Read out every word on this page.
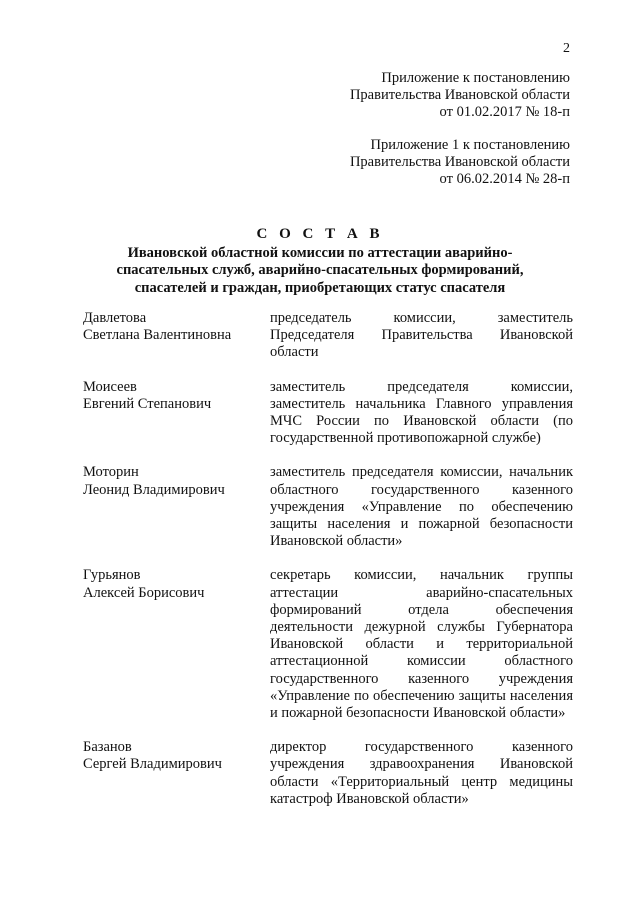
2
Приложение к постановлению
Правительства Ивановской области
от 01.02.2017 № 18-п
Приложение 1 к постановлению
Правительства Ивановской области
от 06.02.2014 № 28-п
С О С Т А В
Ивановской областной комиссии по аттестации аварийно-
спасательных служб, аварийно-спасательных формирований,
спасателей и граждан, приобретающих статус спасателя
Давлетова
Светлана Валентиновна
председатель комиссии, заместитель Председателя Правительства Ивановской области
Моисеев
Евгений Степанович
заместитель председателя комиссии, заместитель начальника Главного управления МЧС России по Ивановской области (по государственной противопожарной службе)
Моторин
Леонид Владимирович
заместитель председателя комиссии, начальник областного государственного казенного учреждения «Управление по обеспечению защиты населения и пожарной безопасности Ивановской области»
Гурьянов
Алексей Борисович
секретарь комиссии, начальник группы аттестации аварийно-спасательных формирований отдела обеспечения деятельности дежурной службы Губернатора Ивановской области и территориальной аттестационной комиссии областного государственного казенного учреждения «Управление по обеспечению защиты населения и пожарной безопасности Ивановской области»
Базанов
Сергей Владимирович
директор государственного казенного учреждения здравоохранения Ивановской области «Территориальный центр медицины катастроф Ивановской области»
